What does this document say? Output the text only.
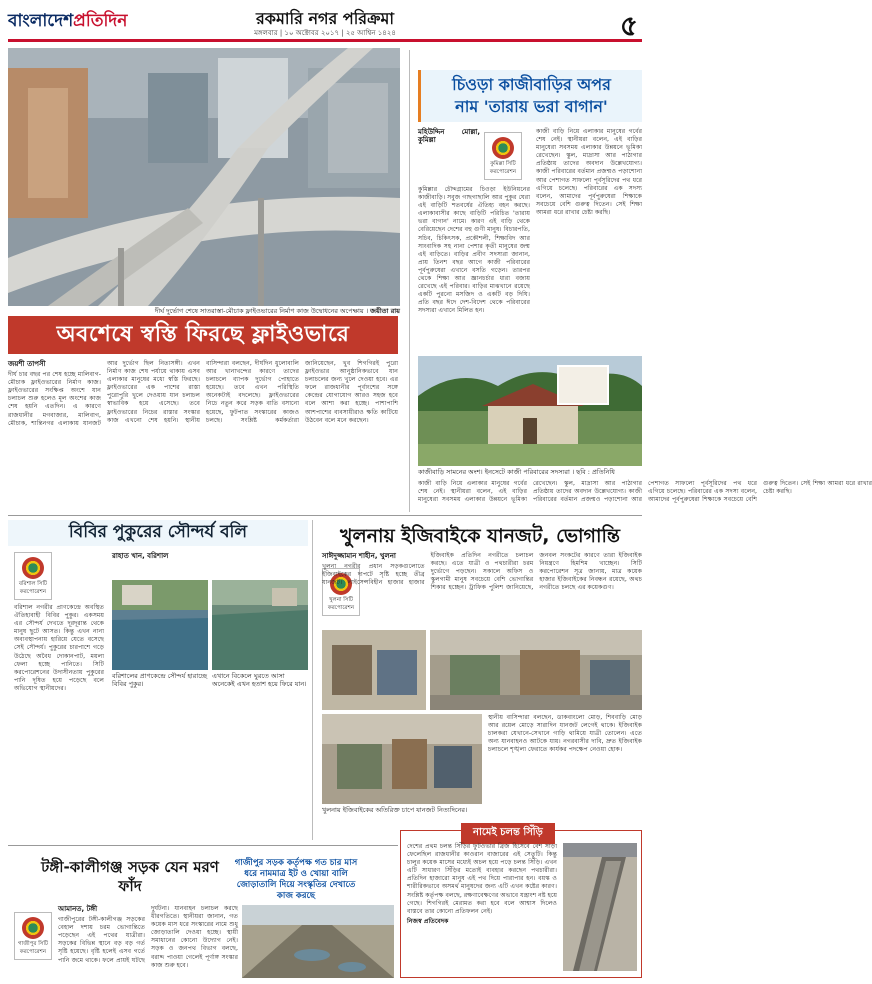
বাংলাদেশপ্রতিদিন	রকমারি নগর পরিক্রমা
মঙ্গলবার | ১০ অক্টোবর ২০১৭ | ২৫ আশ্বিন ১৪২৪	৫
দীর্ঘ দুর্ভোগ শেষে সাতরাস্তা-মৌচাক ফ্লাইওভারের নির্মাণ কাজ উদ্বোধনের অপেক্ষায় । জয়ীতা রায়
অবশেষে স্বস্তি ফিরছে ফ্লাইওভারে
জয়শী তাপসী

দীর্ঘ চার বছর পর শেষ হচ্ছে মালিবাগ-মৌচাক ফ্লাইওভারের নির্মাণ কাজ। ফ্লাইওভারের সংক্ষিপ্ত অংশে যান চলাচল শুরু হলেও মূল অংশের কাজ শেষ হয়নি এতদিন। এ কারণে রাজধানীর মগবাজার, মালিবাগ, মৌচাক, শান্তিনগর এলাকায় যানজট আর দুর্ভোগ ছিল নিত্যসঙ্গী। এখন নির্মাণ কাজ শেষ পর্যায়ে থাকায় এসব এলাকার মানুষের মধ্যে স্বস্তি ফিরছে। ফ্লাইওভারের এক পাশের রাস্তা পুরোপুরি খুলে দেওয়ায় যান চলাচল স্বাভাবিক হয়ে এসেছে। তবে ফ্লাইওভারের নিচের রাস্তার সংস্কার কাজ এখনো শেষ হয়নি। স্থানীয় বাসিন্দারা বলছেন, দীর্ঘদিন ধুলোবালি আর খানাখন্দের কারণে তাদের চলাচলে ব্যাপক দুর্ভোগ পোহাতে হয়েছে। তবে এখন পরিস্থিতি অনেকটাই বদলেছে। ফ্লাইওভারের নিচে নতুন করে সড়ক বাতি বসানো হয়েছে, ফুটপাত সংস্কারের কাজও চলছে। সংশ্লিষ্ট কর্মকর্তারা জানিয়েছেন, খুব শিগগিরই পুরো ফ্লাইওভার আনুষ্ঠানিকভাবে যান চলাচলের জন্য খুলে দেওয়া হবে। এর ফলে রাজধানীর পূর্বাংশের সঙ্গে কেন্দ্রের যোগাযোগ আরও সহজ হবে বলে আশা করা হচ্ছে। পাশাপাশি আশপাশের ব্যবসায়ীরাও ক্ষতি কাটিয়ে উঠবেন বলে মনে করছেন।

চিওড়া কাজীবাড়ির অপর
নাম 'তারায় ভরা বাগান'
কুমিল্লা সিটি করপোরেশন
মহিউদ্দিন মোল্লা, কুমিল্লা

কুমিল্লার চৌদ্দগ্রামের চিওড়া ইউনিয়নের কাজীবাড়ি। সবুজ গাছগাছালি আর পুকুর ঘেরা এই বাড়িটি শতবর্ষের ঐতিহ্য বহন করছে। এলাকাবাসীর কাছে বাড়িটি পরিচিত 'তারায় ভরা বাগান' নামে। কারণ এই বাড়ি থেকে বেরিয়েছেন দেশের বহু গুণী মানুষ। বিচারপতি, সচিব, চিকিৎসক, প্রকৌশলী, শিক্ষাবিদ আর সাংবাদিক সহ নানা পেশার কৃতী মানুষের জন্ম এই বাড়িতে। বাড়ির প্রবীণ সদস্যরা জানান, প্রায় তিনশ বছর আগে কাজী পরিবারের পূর্বপুরুষেরা এখানে বসতি গড়েন। তারপর থেকে শিক্ষা আর জ্ঞানচর্চার ধারা বজায় রেখেছে এই পরিবার। বাড়ির মাঝখানে রয়েছে একটি পুরনো মসজিদ ও একটি বড় দিঘি। প্রতি বছর ঈদে দেশ-বিদেশ থেকে পরিবারের সদস্যরা এখানে মিলিত হন।

কাজী বাড়ি নিয়ে এলাকার মানুষের গর্বের শেষ নেই। স্থানীয়রা বলেন, এই বাড়ির মানুষেরা সবসময় এলাকার উন্নয়নে ভূমিকা রেখেছেন। স্কুল, মাদ্রাসা আর পাঠাগার প্রতিষ্ঠায় তাদের অবদান উল্লেখযোগ্য। কাজী পরিবারের বর্তমান প্রজন্মও পড়াশোনা আর পেশাগত সাফল্যে পূর্বসূরিদের পথ ধরে এগিয়ে চলেছে। পরিবারের এক সদস্য বলেন, আমাদের পূর্বপুরুষেরা শিক্ষাকে সবচেয়ে বেশি গুরুত্ব দিতেন। সেই শিক্ষা আমরা ধরে রাখার চেষ্টা করছি।

কাজীবাড়ি সামনের অংশ। ইনসেটে কাজী পরিবারের সদস্যরা । ছবি : প্রতিনিধি

কাজী বাড়ি নিয়ে এলাকার মানুষের গর্বের শেষ নেই। স্থানীয়রা বলেন, এই বাড়ির মানুষেরা সবসময় এলাকার উন্নয়নে ভূমিকা রেখেছেন। স্কুল, মাদ্রাসা আর পাঠাগার প্রতিষ্ঠায় তাদের অবদান উল্লেখযোগ্য। কাজী পরিবারের বর্তমান প্রজন্মও পড়াশোনা আর পেশাগত সাফল্যে পূর্বসূরিদের পথ ধরে এগিয়ে চলেছে। পরিবারের এক সদস্য বলেন, আমাদের পূর্বপুরুষেরা শিক্ষাকে সবচেয়ে বেশি গুরুত্ব দিতেন। সেই শিক্ষা আমরা ধরে রাখার চেষ্টা করছি।

বিবির পুকুরের সৌন্দর্য বলি
বরিশাল সিটি করপোরেশন

বরিশাল নগরীর প্রাণকেন্দ্রে অবস্থিত ঐতিহ্যবাহী বিবির পুকুর। একসময় এর সৌন্দর্য দেখতে দূরদূরান্ত থেকে মানুষ ছুটে আসত। কিন্তু এখন নানা অব্যবস্থাপনায় হারিয়ে যেতে বসেছে সেই সৌন্দর্য। পুকুরের চারপাশে গড়ে উঠেছে অবৈধ দোকানপাট, ময়লা ফেলা হচ্ছে পানিতে। সিটি করপোরেশনের উদাসীনতায় পুকুরের পানি দূষিত হয়ে পড়েছে বলে অভিযোগ স্থানীয়দের।

রাহাত খান, বরিশাল
বরিশালের প্রাণকেন্দ্রে সৌন্দর্য হারাচ্ছে বিবির পুকুর।
এখানে বিকেলে ঘুরতে আসা অনেকেই এখন হতাশ হয়ে ফিরে যান।
খুলনায় ইজিবাইকে যানজট, ভোগান্তি
খুলনা সিটি করপোরেশন
সাঈদুজ্জামান শাহীন, খুলনা

খুলনা নগরীর প্রধান সড়কগুলোতে ইজিবাইকের দাপটে সৃষ্টি হচ্ছে তীব্র যানজট। লাইসেন্সবিহীন হাজার হাজার ইজিবাইক প্রতিদিন নগরীতে চলাচল করছে। এতে যাত্রী ও পথচারীরা চরম দুর্ভোগে পড়ছেন। সকালে অফিস ও স্কুলগামী মানুষ সবচেয়ে বেশি ভোগান্তির শিকার হচ্ছেন। ট্রাফিক পুলিশ জানিয়েছে, জনবল সংকটের কারণে তারা ইজিবাইক নিয়ন্ত্রণে হিমশিম খাচ্ছেন। সিটি করপোরেশন সূত্র জানায়, মাত্র কয়েক হাজার ইজিবাইকের নিবন্ধন রয়েছে, অথচ নগরীতে চলছে এর কয়েকগুণ।

স্থানীয় বাসিন্দারা বলছেন, ডাকবাংলো মোড়, শিববাড়ি মোড় আর রয়েল মোড়ে সারাদিন যানজট লেগেই থাকে। ইজিবাইক চালকরা যেখানে-সেখানে গাড়ি থামিয়ে যাত্রী তোলেন। এতে অন্য যানবাহনও আটকে যায়। নগরবাসীর দাবি, দ্রুত ইজিবাইক চলাচলে শৃঙ্খলা ফেরাতে কার্যকর পদক্ষেপ নেওয়া হোক।

খুলনায় ইজিবাইকের অতিরিক্ত চাপে যানজট নিত্যদিনের।
টঙ্গী-কালীগঞ্জ সড়ক যেন মরণ ফাঁদ
গাজীপুর সড়ক কর্তৃপক্ষ গত চার মাস ধরে নামমাত্র ইট ও খোয়া বালি জোড়াতালি দিয়ে সংস্কৃতির দেখাতে কাজ করছে
গাজীপুর সিটি করপোরেশন
আমানত, টঙ্গী

গাজীপুরের টঙ্গী-কালীগঞ্জ সড়কের বেহাল দশায় চরম ভোগান্তিতে পড়েছেন এই পথের যাত্রীরা। সড়কের বিভিন্ন স্থানে বড় বড় গর্ত সৃষ্টি হয়েছে। বৃষ্টি হলেই এসব গর্তে পানি জমে থাকে। ফলে প্রায়ই ঘটছে দুর্ঘটনা। যানবাহন চলাচল করছে ধীরগতিতে। স্থানীয়রা জানান, গত কয়েক মাস ধরে সংস্কারের নামে শুধু জোড়াতালি দেওয়া হচ্ছে। স্থায়ী সমাধানের কোনো উদ্যোগ নেই। সড়ক ও জনপথ বিভাগ বলছে, বরাদ্দ পাওয়া গেলেই পূর্ণাঙ্গ সংস্কার কাজ শুরু হবে।

নামেই চলন্ত সিঁড়ি

দেশের প্রথম চলন্ত সিঁড়ির ফুটওভার ব্রিজ হিসেবে বেশ সাড়া ফেলেছিল রাজধানীর কাওরান বাজারের এই সেতুটি। কিন্তু চালুর কয়েক মাসের মধ্যেই অচল হয়ে পড়ে চলন্ত সিঁড়ি। এখন এটি সাধারণ সিঁড়ির মতোই ব্যবহার করছেন পথচারীরা। প্রতিদিন হাজারো মানুষ এই পথ দিয়ে পারাপার হন। বয়স্ক ও শারীরিকভাবে অসমর্থ মানুষদের জন্য এটি এখন কষ্টের কারণ। সংশ্লিষ্ট কর্তৃপক্ষ বলছে, রক্ষণাবেক্ষণের অভাবে যন্ত্রাংশ নষ্ট হয়ে গেছে। শিগগিরই মেরামত করা হবে বলে আশ্বাস দিলেও বাস্তবে তার কোনো প্রতিফলন নেই।

নিজস্ব প্রতিবেদক
